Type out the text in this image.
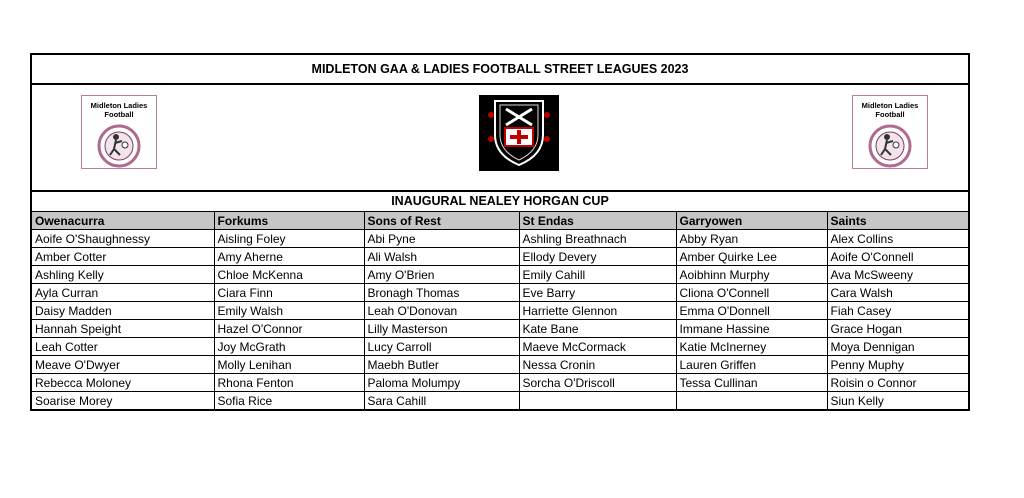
MIDLETON GAA & LADIES FOOTBALL STREET LEAGUES 2023
Midleton Ladies Football
Midleton Ladies Football
INAUGURAL NEALEY HORGAN CUP
Owenacurra	Forkums	Sons of Rest	St Endas	Garryowen	Saints
Aoife O'Shaughnessy	Aisling Foley	Abi Pyne	Ashling Breathnach	Abby Ryan	Alex Collins
Amber Cotter	Amy Aherne	Ali Walsh	Ellody Devery	Amber Quirke Lee	Aoife O'Connell
Ashling Kelly	Chloe McKenna	Amy O'Brien	Emily Cahill	Aoibhinn Murphy	Ava McSweeny
Ayla Curran	Ciara Finn	Bronagh Thomas	Eve Barry	Cliona O'Connell	Cara Walsh
Daisy Madden	Emily Walsh	Leah O'Donovan	Harriette Glennon	Emma O'Donnell	Fiah Casey
Hannah Speight	Hazel O'Connor	Lilly Masterson	Kate Bane	Immane Hassine	Grace Hogan
Leah Cotter	Joy McGrath	Lucy Carroll	Maeve McCormack	Katie McInerney	Moya Dennigan
Meave O'Dwyer	Molly Lenihan	Maebh Butler	Nessa Cronin	Lauren Griffen	Penny Muphy
Rebecca Moloney	Rhona Fenton	Paloma Molumpy	Sorcha O'Driscoll	Tessa Cullinan	Roisin o Connor
Soarise Morey	Sofia Rice	Sara Cahill			Siun Kelly
